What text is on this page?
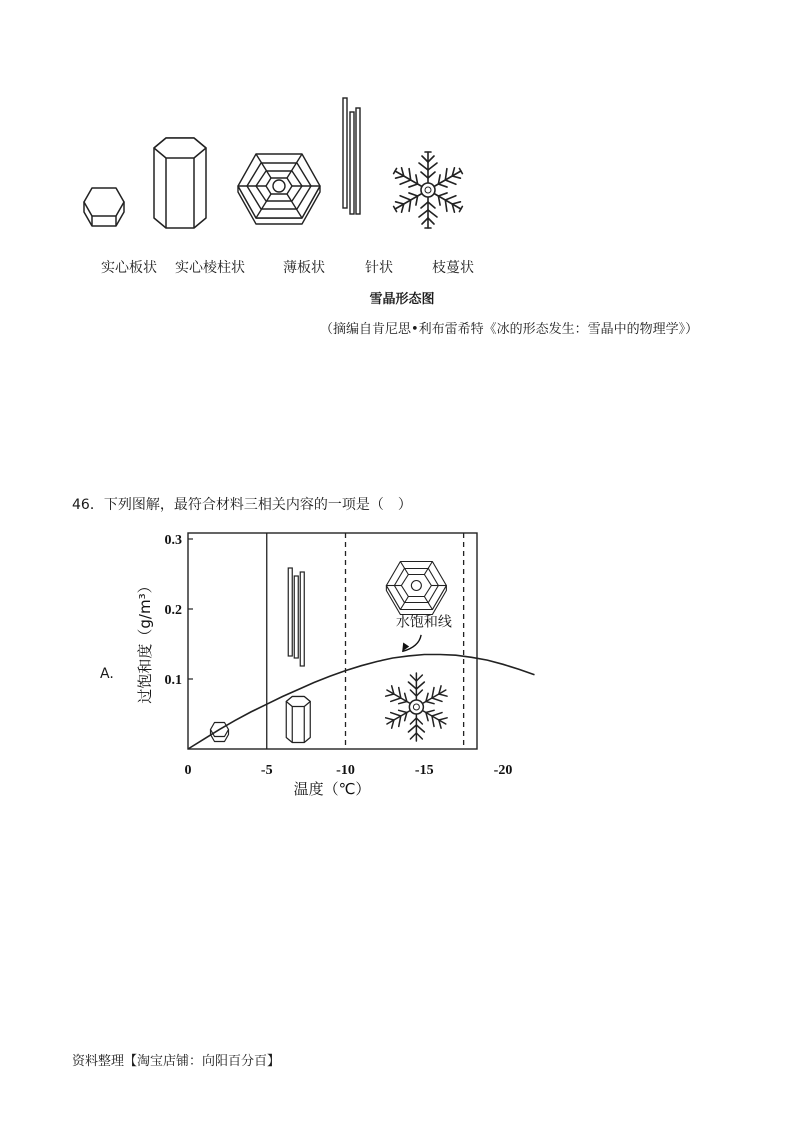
实心板状 实心棱柱状	薄板状	针状	枝蔓状
雪晶形态图
（摘编自肯尼思•利布雷希特《冰的形态发生：雪晶中的物理学》）
46．下列图解，最符合材料三相关内容的一项是（　）
A.	0.1
0.2
0.3
0	-5	-10	-15	-20
水饱和线
过饱和度（g/m³）
温度（℃）
资料整理【淘宝店铺：向阳百分百】
